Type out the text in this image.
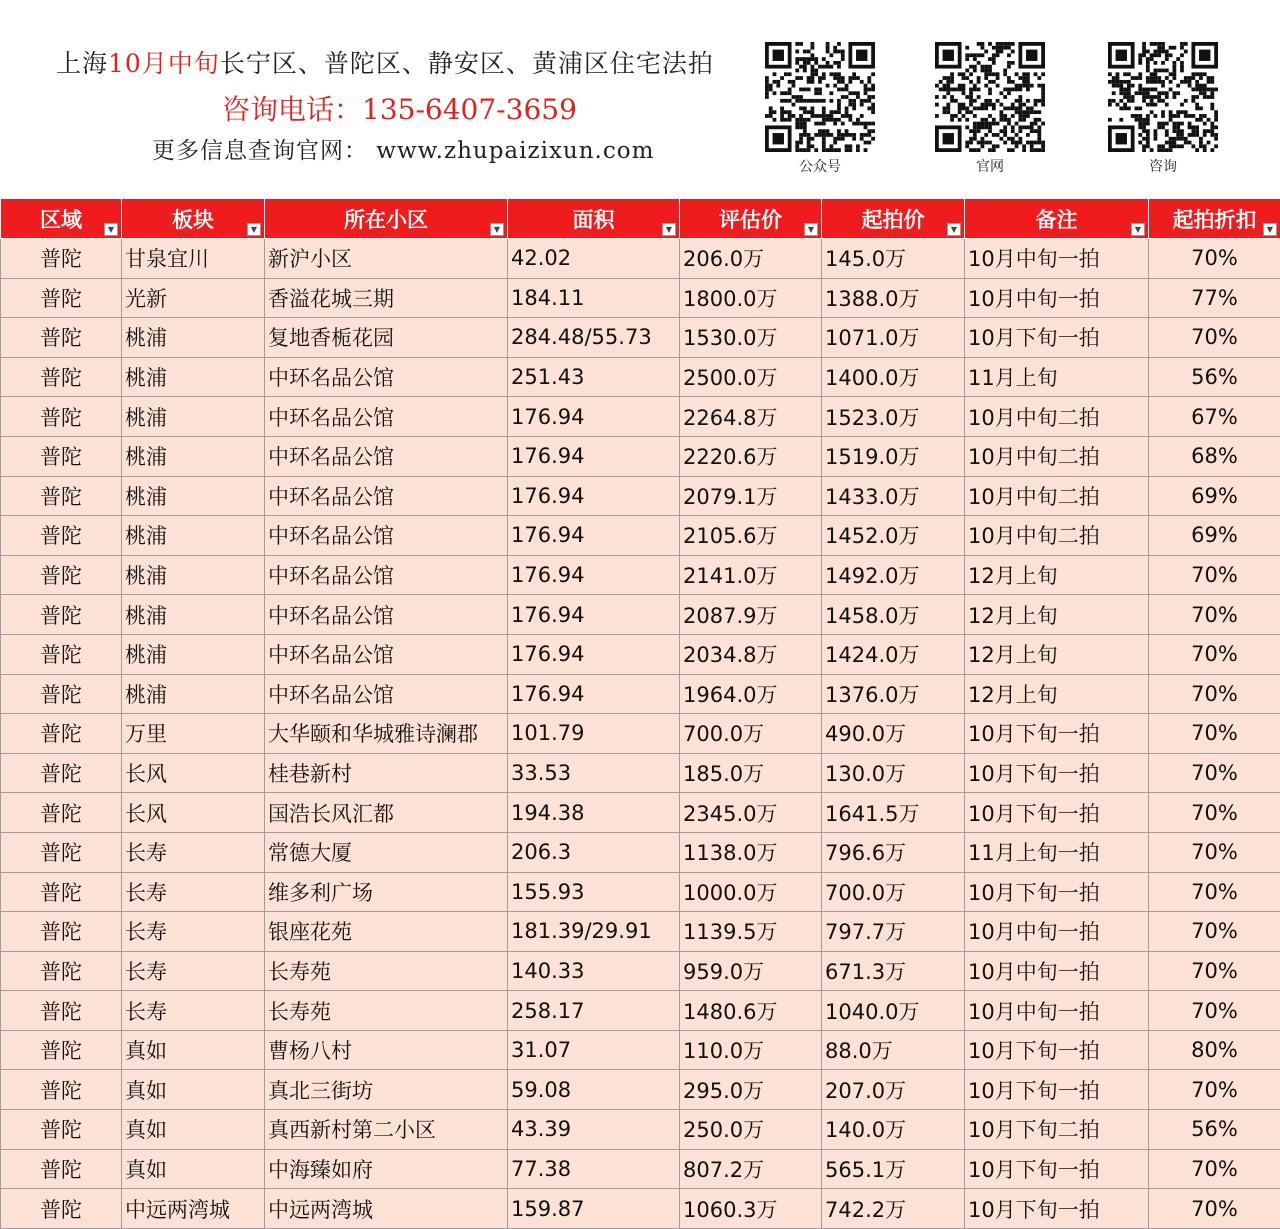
上海10月中旬长宁区、普陀区、静安区、黄浦区住宅法拍
咨询电话：135-6407-3659
更多信息查询官网： www.zhupaizixun.com
公众号	官网	咨询
区域 ▼	板块 ▼	所在小区 ▼	面积 ▼	评估价 ▼	起拍价 ▼	备注 ▼	起拍折扣 ▼

普陀	甘泉宜川	新沪小区	42.02	206.0万	145.0万	10月中旬一拍	70%
普陀	光新	香溢花城三期	184.11	1800.0万	1388.0万	10月中旬一拍	77%
普陀	桃浦	复地香栀花园	284.48/55.73	1530.0万	1071.0万	10月下旬一拍	70%
普陀	桃浦	中环名品公馆	251.43	2500.0万	1400.0万	11月上旬	56%
普陀	桃浦	中环名品公馆	176.94	2264.8万	1523.0万	10月中旬二拍	67%
普陀	桃浦	中环名品公馆	176.94	2220.6万	1519.0万	10月中旬二拍	68%
普陀	桃浦	中环名品公馆	176.94	2079.1万	1433.0万	10月中旬二拍	69%
普陀	桃浦	中环名品公馆	176.94	2105.6万	1452.0万	10月中旬二拍	69%
普陀	桃浦	中环名品公馆	176.94	2141.0万	1492.0万	12月上旬	70%
普陀	桃浦	中环名品公馆	176.94	2087.9万	1458.0万	12月上旬	70%
普陀	桃浦	中环名品公馆	176.94	2034.8万	1424.0万	12月上旬	70%
普陀	桃浦	中环名品公馆	176.94	1964.0万	1376.0万	12月上旬	70%
普陀	万里	大华颐和华城雅诗澜郡	101.79	700.0万	490.0万	10月下旬一拍	70%
普陀	长风	桂巷新村	33.53	185.0万	130.0万	10月下旬一拍	70%
普陀	长风	国浩长风汇都	194.38	2345.0万	1641.5万	10月下旬一拍	70%
普陀	长寿	常德大厦	206.3	1138.0万	796.6万	11月上旬一拍	70%
普陀	长寿	维多利广场	155.93	1000.0万	700.0万	10月下旬一拍	70%
普陀	长寿	银座花苑	181.39/29.91	1139.5万	797.7万	10月中旬一拍	70%
普陀	长寿	长寿苑	140.33	959.0万	671.3万	10月中旬一拍	70%
普陀	长寿	长寿苑	258.17	1480.6万	1040.0万	10月中旬一拍	70%
普陀	真如	曹杨八村	31.07	110.0万	88.0万	10月下旬一拍	80%
普陀	真如	真北三街坊	59.08	295.0万	207.0万	10月下旬一拍	70%
普陀	真如	真西新村第二小区	43.39	250.0万	140.0万	10月下旬二拍	56%
普陀	真如	中海臻如府	77.38	807.2万	565.1万	10月下旬一拍	70%
普陀	中远两湾城	中远两湾城	159.87	1060.3万	742.2万	10月下旬一拍	70%
